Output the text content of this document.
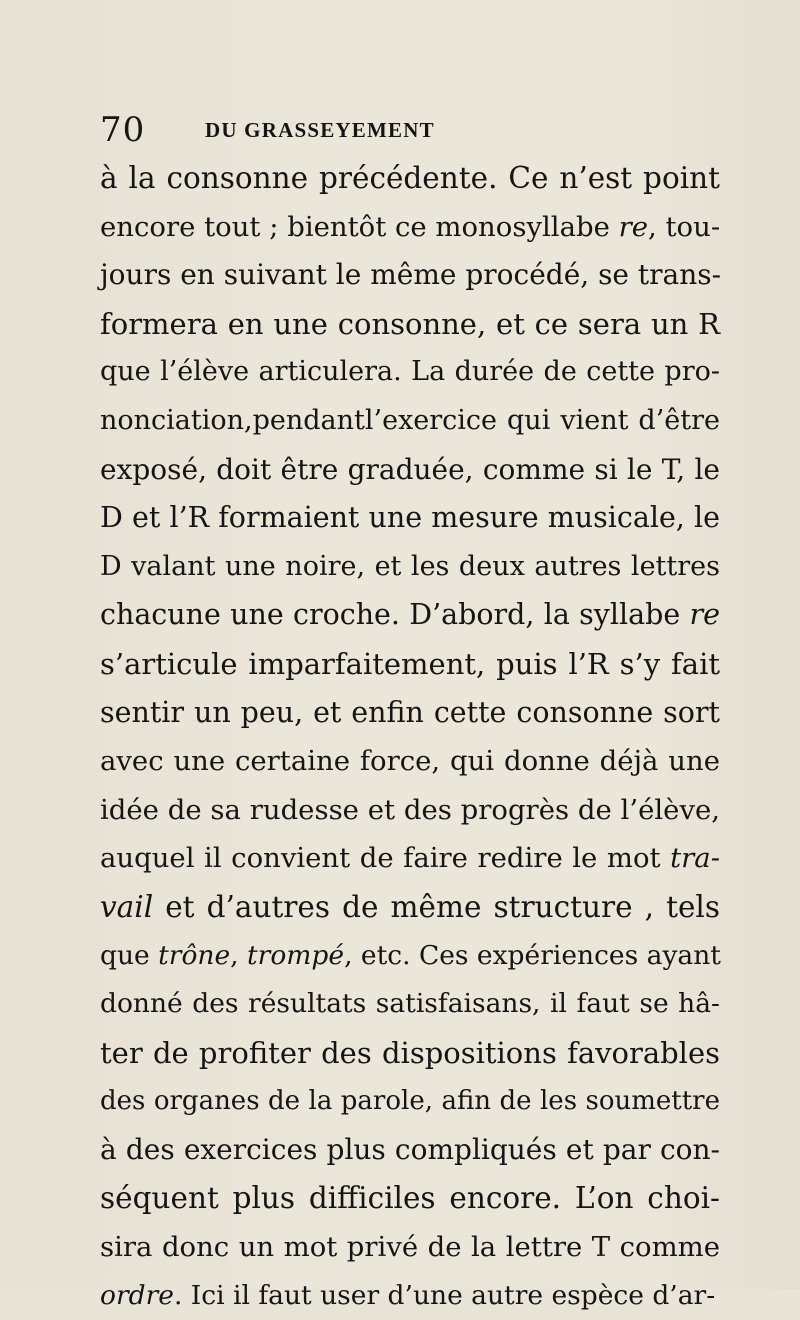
70	DU GRASSEYEMENT
à la consonne précédente. Ce n’est point
encore tout ; bientôt ce monosyllabe re, tou-
jours en suivant le même procédé, se trans-
formera en une consonne, et ce sera un R
que l’élève articulera. La durée de cette pro-
nonciation,pendantl’exercice qui vient d’être
exposé, doit être graduée, comme si le T, le
D et l’R formaient une mesure musicale, le
D valant une noire, et les deux autres lettres
chacune une croche. D’abord, la syllabe re
s’articule imparfaitement, puis l’R s’y fait
sentir un peu, et enfin cette consonne sort
avec une certaine force, qui donne déjà une
idée de sa rudesse et des progrès de l’élève,
auquel il convient de faire redire le mot tra-
vail et d’autres de même structure , tels
que trône, trompé, etc. Ces expériences ayant
donné des résultats satisfaisans, il faut se hâ-
ter de profiter des dispositions favorables
des organes de la parole, afin de les soumettre
à des exercices plus compliqués et par con-
séquent plus difficiles encore. L’on choi-
sira donc un mot privé de la lettre T comme
ordre. Ici il faut user d’une autre espèce d’ar-
